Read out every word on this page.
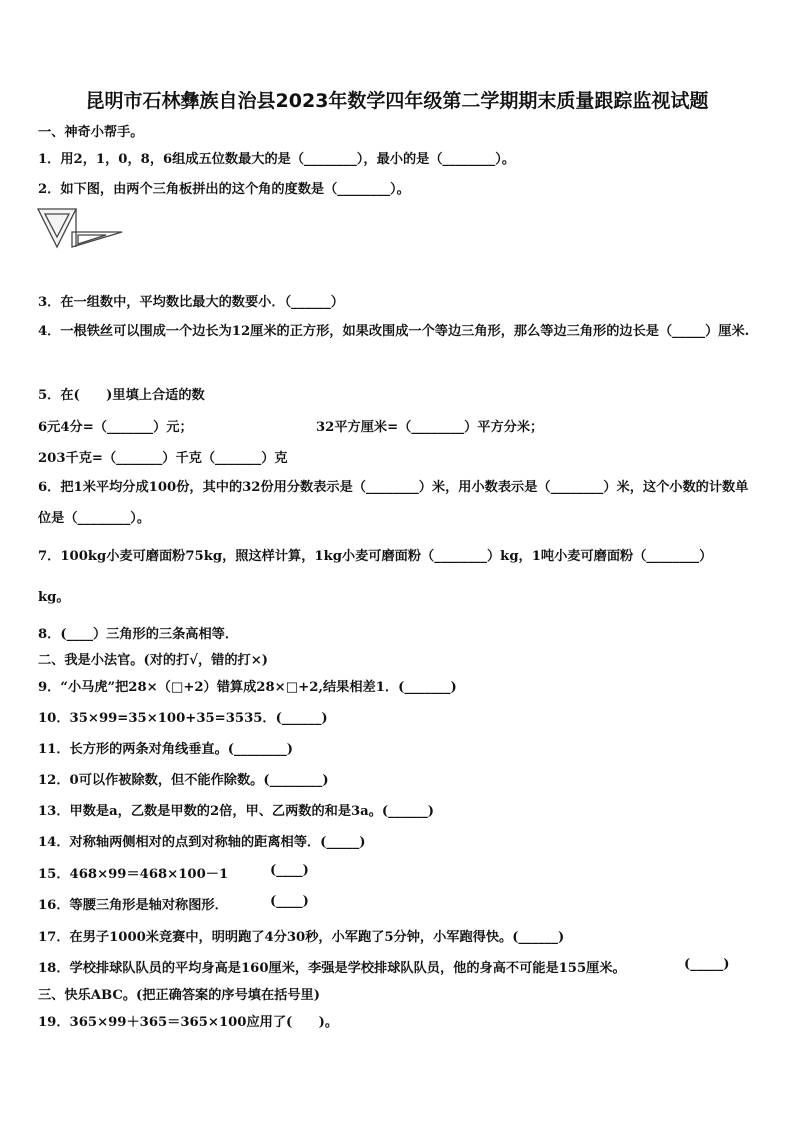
昆明市石林彝族自治县2023年数学四年级第二学期期末质量跟踪监视试题
一、神奇小帮手。
1．用2，1，0，8，6组成五位数最大的是（________），最小的是（________）。
2．如下图，由两个三角板拼出的这个角的度数是（________）。
3．在一组数中，平均数比最大的数要小．（______）
4．一根铁丝可以围成一个边长为12厘米的正方形，如果改围成一个等边三角形，那么等边三角形的边长是（_____）厘米.
5．在(　　)里填上合适的数
6元4分=（_______）元；	32平方厘米=（________）平方分米；
203千克=（_______）千克（_______）克
6．把1米平均分成100份，其中的32份用分数表示是（________）米，用小数表示是（________）米，这个小数的计数单位是（________）。
7．100kg小麦可磨面粉75kg，照这样计算，1kg小麦可磨面粉（________）kg，1吨小麦可磨面粉（________）
kg。
8．(____）三角形的三条高相等．
二、我是小法官。(对的打√，错的打×)
9．“小马虎”把28×（□+2）错算成28×□+2,结果相差1．(_______)
10．35×99=35×100+35=3535．(______)
11．长方形的两条对角线垂直。(________)
12．0可以作被除数，但不能作除数。(________)
13．甲数是a，乙数是甲数的2倍，甲、乙两数的和是3a。(______)
14．对称轴两侧相对的点到对称轴的距离相等．(_____)
15．468×99＝468×100－1	(____)
16．等腰三角形是轴对称图形．	(____)
17．在男子1000米竞赛中，明明跑了4分30秒，小军跑了5分钟，小军跑得快。(______)
18．学校排球队队员的平均身高是160厘米，李强是学校排球队队员，他的身高不可能是155厘米。	(_____)
三、快乐ABC。(把正确答案的序号填在括号里)
19．365×99＋365＝365×100应用了(　　)。
